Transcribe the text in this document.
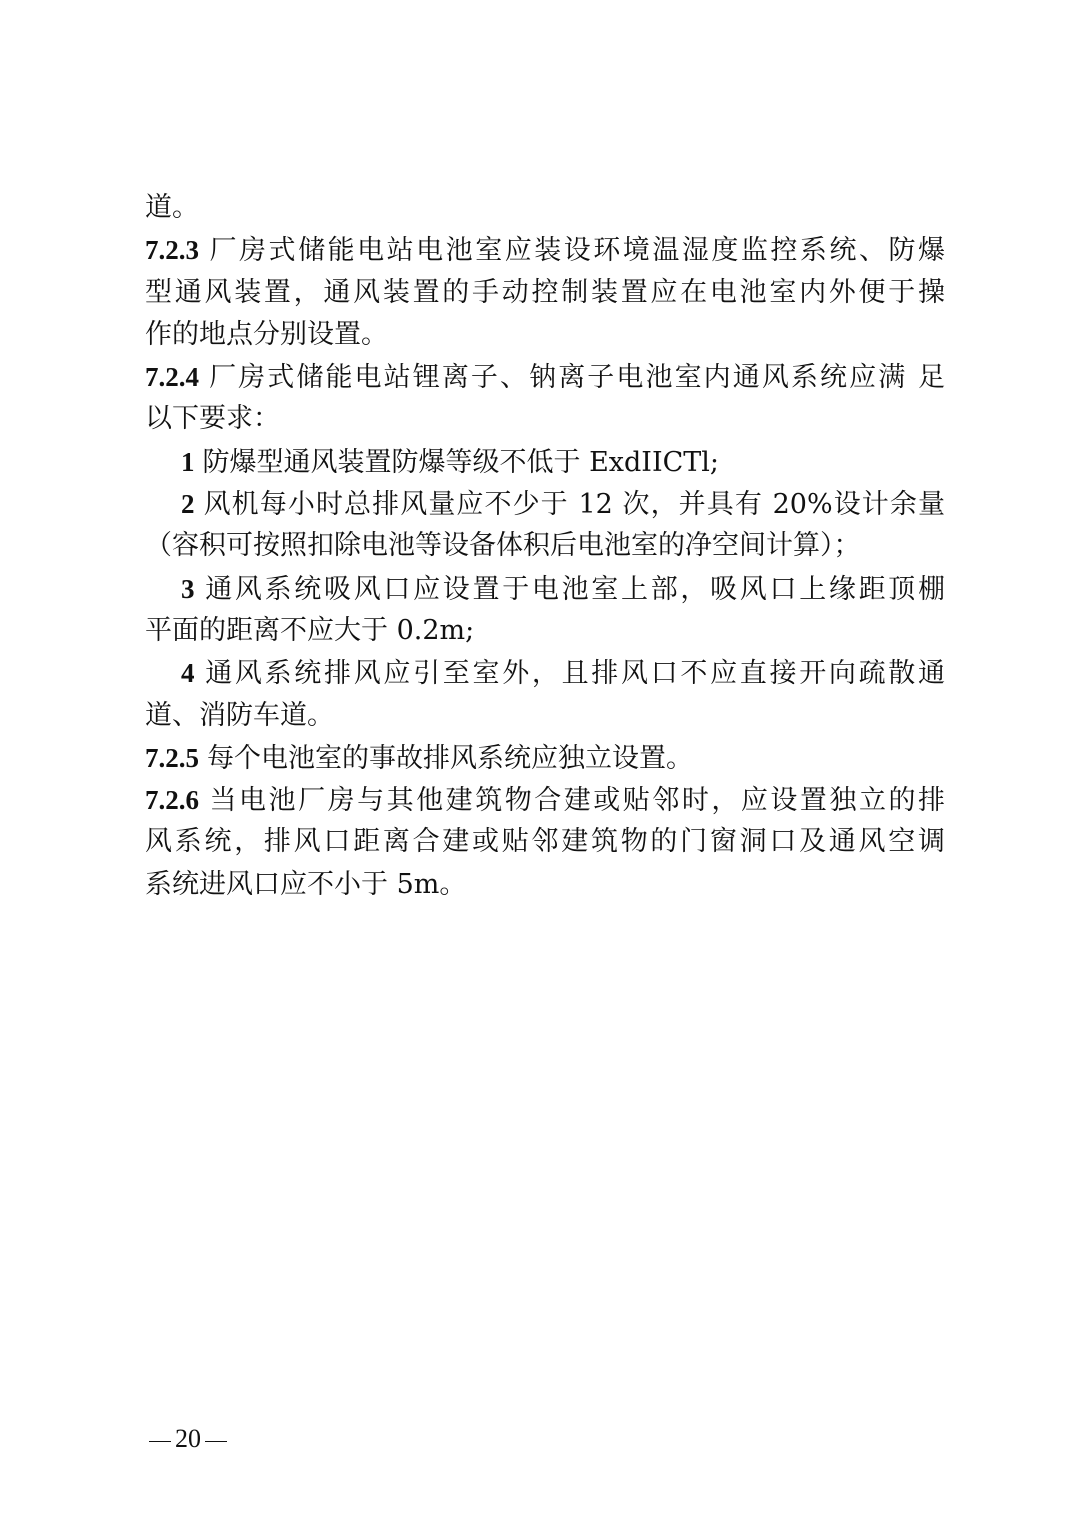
道。
7.2.3 厂房式储能电站电池室应装设环境温湿度监控系统、防爆
型通风装置，通风装置的手动控制装置应在电池室内外便于操
作的地点分别设置。
7.2.4 厂房式储能电站锂离子、钠离子电池室内通风系统应满 足
以下要求：
1 防爆型通风装置防爆等级不低于 ExdIICTl;
2 风机每小时总排风量应不少于 12 次，并具有 20%设计余量
（容积可按照扣除电池等设备体积后电池室的净空间计算）；
3 通风系统吸风口应设置于电池室上部，吸风口上缘距顶棚
平面的距离不应大于 0.2m;
4 通风系统排风应引至室外，且排风口不应直接开向疏散通
道、消防车道。
7.2.5 每个电池室的事故排风系统应独立设置。
7.2.6 当电池厂房与其他建筑物合建或贴邻时，应设置独立的排
风系统，排风口距离合建或贴邻建筑物的门窗洞口及通风空调
系统进风口应不小于 5m。
20
